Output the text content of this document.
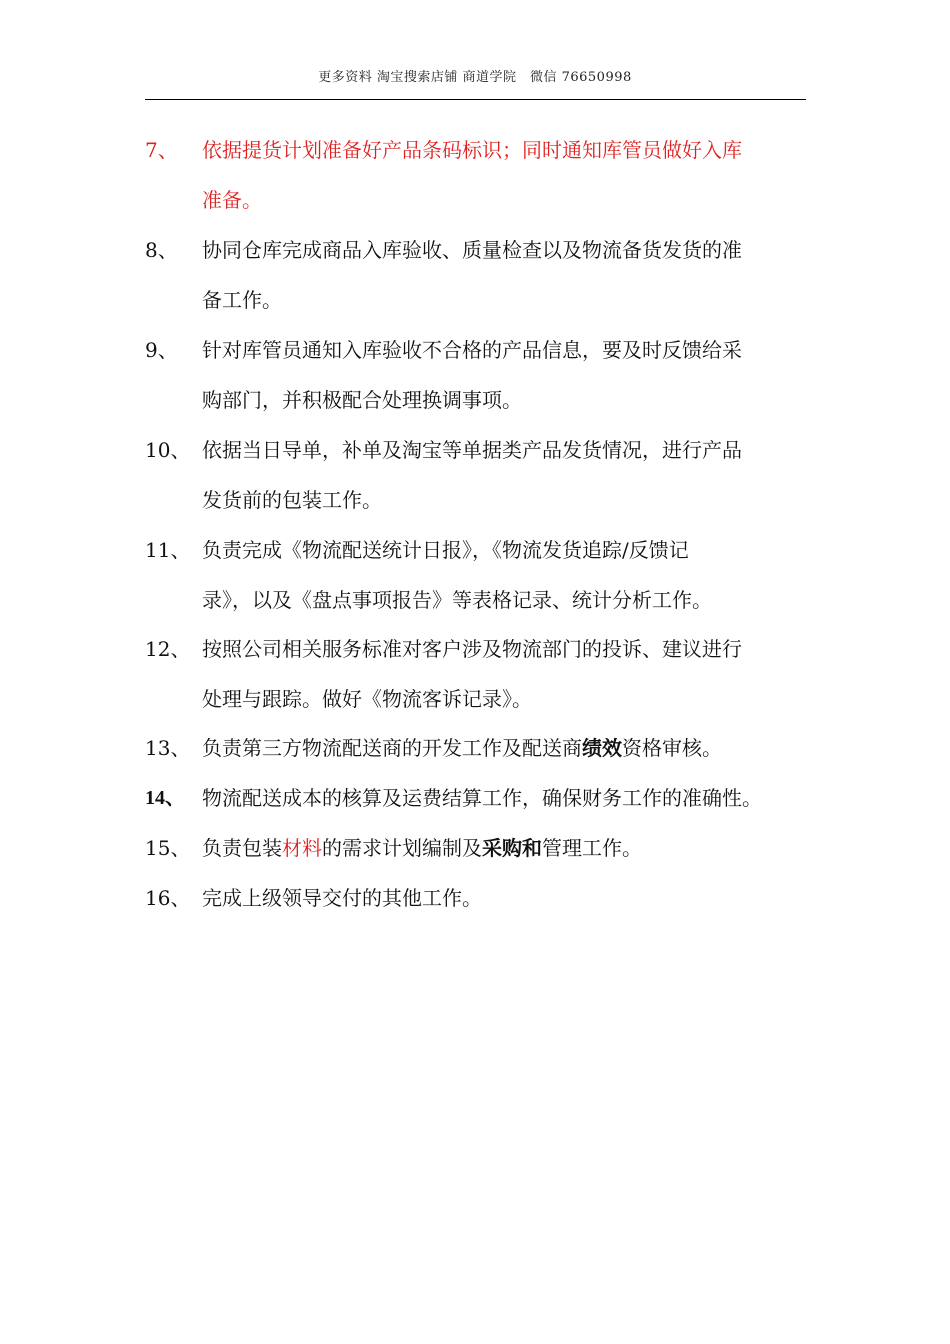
更多资料 淘宝搜索店铺 商道学院　微信 76650998
7、 依据提货计划准备好产品条码标识；同时通知库管员做好入库
准备。
8、 协同仓库完成商品入库验收、质量检查以及物流备货发货的准
备工作。
9、 针对库管员通知入库验收不合格的产品信息，要及时反馈给采
购部门，并积极配合处理换调事项。
10、 依据当日导单，补单及淘宝等单据类产品发货情况，进行产品
发货前的包装工作。
11、 负责完成《物流配送统计日报》，《物流发货追踪/反馈记
录》，以及《盘点事项报告》等表格记录、统计分析工作。
12、 按照公司相关服务标准对客户涉及物流部门的投诉、建议进行
处理与跟踪。做好《物流客诉记录》。
13、 负责第三方物流配送商的开发工作及配送商绩效资格审核。
14、 物流配送成本的核算及运费结算工作，确保财务工作的准确性。
15、 负责包装材料的需求计划编制及采购和管理工作。
16、 完成上级领导交付的其他工作。
